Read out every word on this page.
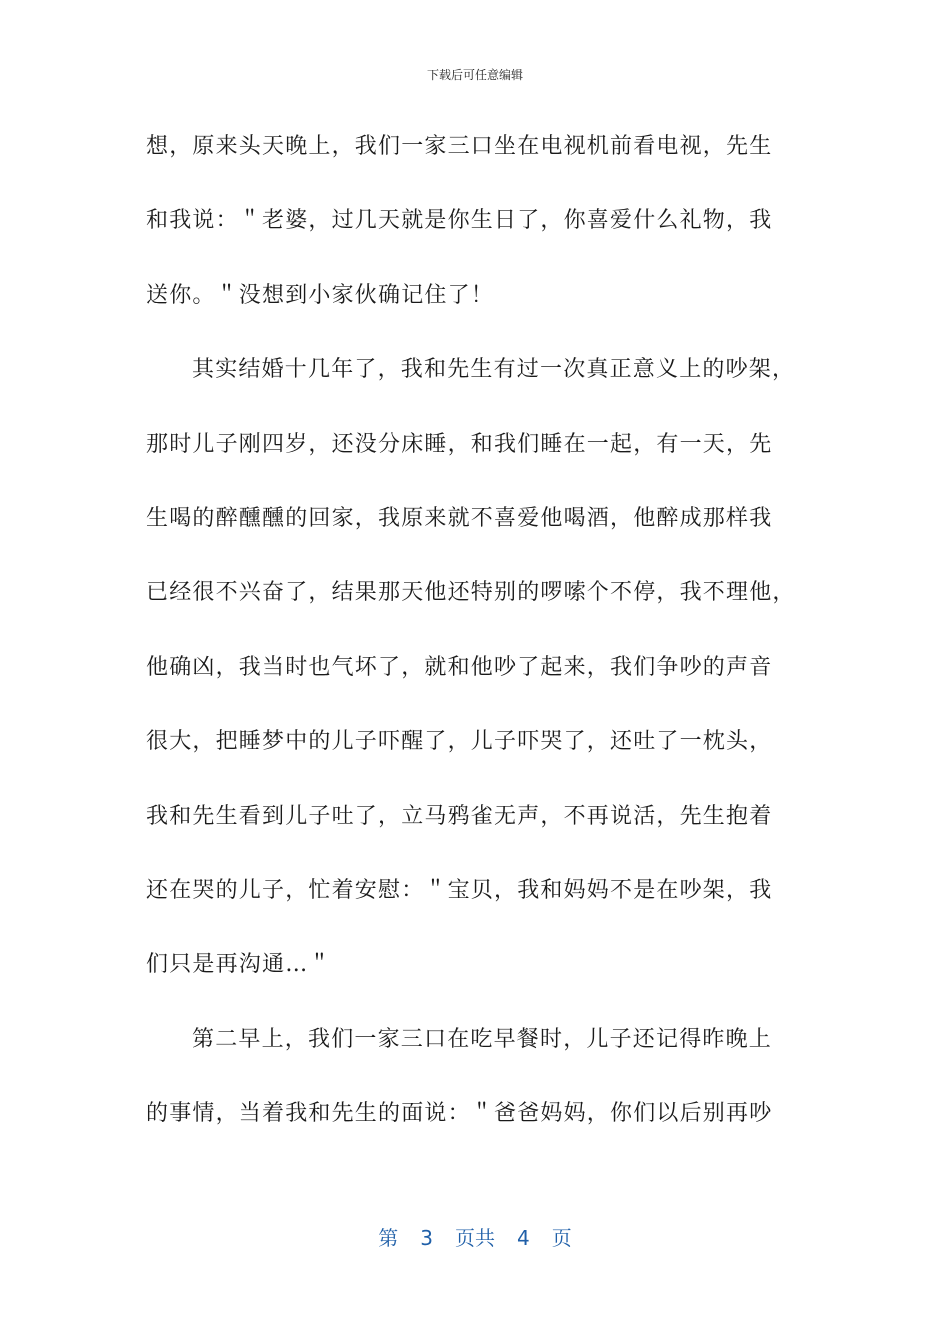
下载后可任意编辑
想，原来头天晚上，我们一家三口坐在电视机前看电视，先生
和我说：＂老婆，过几天就是你生日了，你喜爱什么礼物，我
送你。＂没想到小家伙确记住了！
其实结婚十几年了，我和先生有过一次真正意义上的吵架，
那时儿子刚四岁，还没分床睡，和我们睡在一起，有一天，先
生喝的醉醺醺的回家，我原来就不喜爱他喝酒，他醉成那样我
已经很不兴奋了，结果那天他还特别的啰嗦个不停，我不理他，
他确凶，我当时也气坏了，就和他吵了起来，我们争吵的声音
很大，把睡梦中的儿子吓醒了，儿子吓哭了，还吐了一枕头，
我和先生看到儿子吐了，立马鸦雀无声，不再说活，先生抱着
还在哭的儿子，忙着安慰：＂宝贝，我和妈妈不是在吵架，我
们只是再沟通…＂
第二早上，我们一家三口在吃早餐时，儿子还记得昨晚上
的事情，当着我和先生的面说：＂爸爸妈妈，你们以后别再吵
第 3 页共 4 页
